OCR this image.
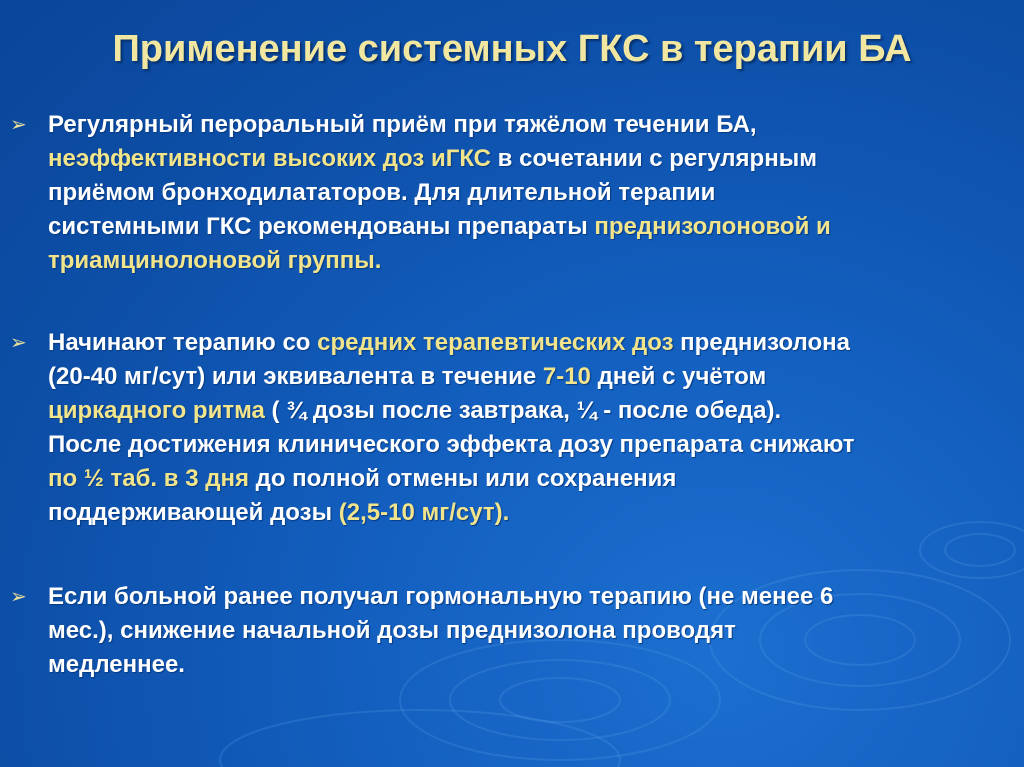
Применение системных ГКС в терапии БА
➢ Регулярный пероральный приём при тяжёлом течении БА,
неэффективности высоких доз иГКС в сочетании с регулярным
приёмом бронходилататоров. Для длительной терапии
системными ГКС рекомендованы препараты преднизолоновой и
триамцинолоновой группы.
➢ Начинают терапию со средних терапевтических доз преднизолона
(20-40 мг/сут) или эквивалента в течение 7-10 дней с учётом
циркадного ритма ( ¾ дозы после завтрака, ¼ - после обеда).
После достижения клинического эффекта дозу препарата снижают
по ½ таб. в 3 дня до полной отмены или сохранения
поддерживающей дозы (2,5-10 мг/сут).
➢ Если больной ранее получал гормональную терапию (не менее 6
мес.), снижение начальной дозы преднизолона проводят
медленнее.
